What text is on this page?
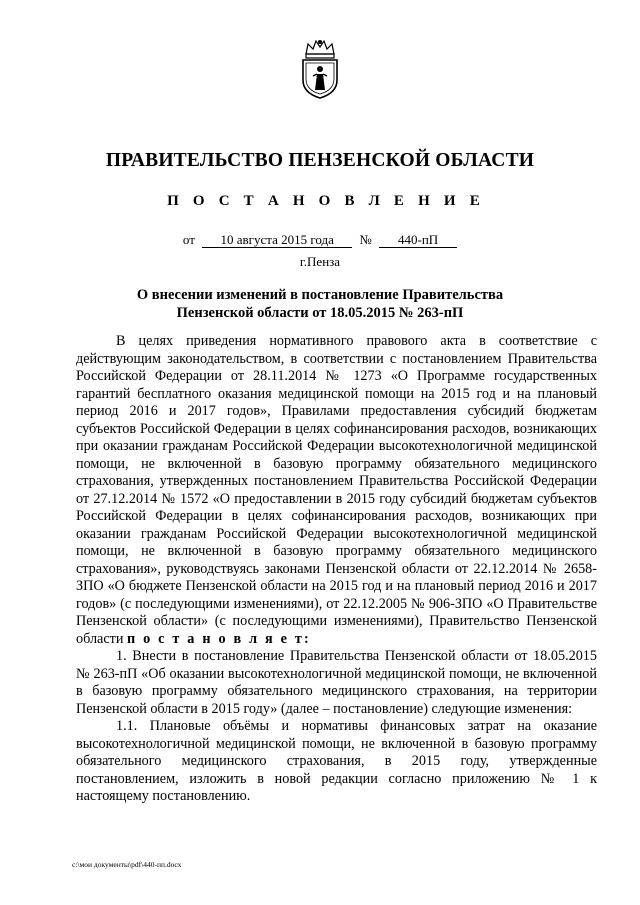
ПРАВИТЕЛЬСТВО ПЕНЗЕНСКОЙ ОБЛАСТИ
П О С Т А Н О В Л Е Н И Е
от 10 августа 2015 года № 440-пП
г.Пенза
О внесении изменений в постановление Правительства
Пензенской области от 18.05.2015 № 263-пП

В целях приведения нормативного правового акта в соответствие с действующим законодательством, в соответствии с постановлением Правительства Российской Федерации от 28.11.2014 № 1273 «О Программе государственных гарантий бесплатного оказания медицинской помощи на 2015 год и на плановый период 2016 и 2017 годов», Правилами предоставления субсидий бюджетам субъектов Российской Федерации в целях софинансирования расходов, возникающих при оказании гражданам Российской Федерации высокотехнологичной медицинской помощи, не включенной в базовую программу обязательного медицинского страхования, утвержденных постановлением Правительства Российской Федерации от 27.12.2014 № 1572 «О предоставлении в 2015 году субсидий бюджетам субъектов Российской Федерации в целях софинансирования расходов, возникающих при оказании гражданам Российской Федерации высокотехнологичной медицинской помощи, не включенной в базовую программу обязательного медицинского страхования», руководствуясь законами Пензенской области от 22.12.2014 № 2658-ЗПО «О бюджете Пензенской области на 2015 год и на плановый период 2016 и 2017 годов» (с последующими изменениями), от 22.12.2005 № 906-ЗПО «О Правительстве Пензенской области» (с последующими изменениями), Правительство Пензенской области п о с т а н о в л я е т:

1. Внести в постановление Правительства Пензенской области от 18.05.2015 № 263-пП «Об оказании высокотехнологичной медицинской помощи, не включенной в базовую программу обязательного медицинского страхования, на территории Пензенской области в 2015 году» (далее – постановление) следующие изменения:

1.1. Плановые объёмы и нормативы финансовых затрат на оказание высокотехнологичной медицинской помощи, не включенной в базовую программу обязательного медицинского страхования, в 2015 году, утвержденные постановлением, изложить в новой редакции согласно приложению № 1 к настоящему постановлению.

c:\мои документы\pdf\440-пп.docx
